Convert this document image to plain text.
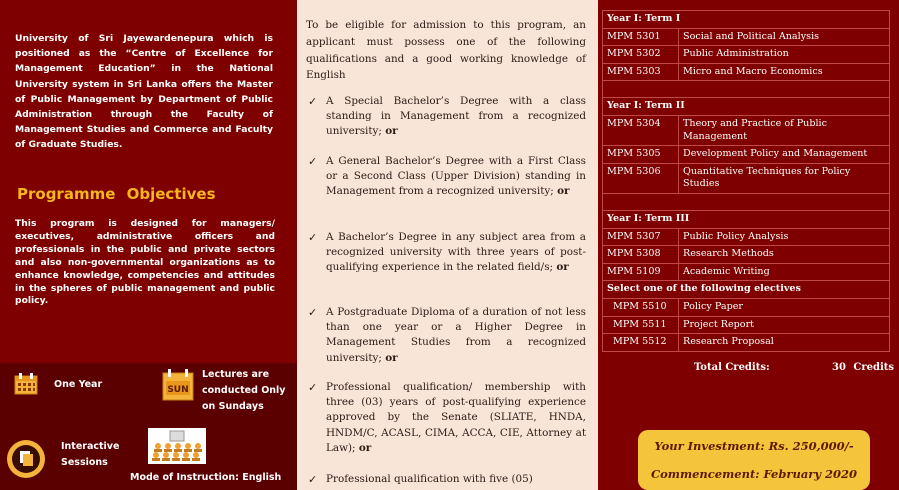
University of Sri Jayewardenepura which is positioned as the “Centre of Excellence for Management Education” in the National University system in Sri Lanka offers the Master of Public Management by Department of Public Administration through the Faculty of Management Studies and Commerce and Faculty of Graduate Studies.

Programme Objectives

This program is designed for managers/ executives, administrative officers and professionals in the public and private sectors and also non-governmental organizations as to enhance knowledge, competencies and attitudes in the spheres of public management and public policy.

One Year	SUN
Lectures are conducted Only on Sundays
Interactive Sessions
Mode of Instruction: English

To be eligible for admission to this program, an applicant must possess one of the following qualifications and a good working knowledge of English

✓ A Special Bachelor’s Degree with a class standing in Management from a recognized university; or
✓ A General Bachelor’s Degree with a First Class or a Second Class (Upper Division) standing in Management from a recognized university; or
✓ A Bachelor’s Degree in any subject area from a recognized university with three years of post-qualifying experience in the related field/s; or
✓ A Postgraduate Diploma of a duration of not less than one year or a Higher Degree in Management Studies from a recognized university; or
✓ Professional qualification/ membership with three (03) years of post-qualifying experience approved by the Senate (SLIATE, HNDA, HNDM/C, ACASL, CIMA, ACCA, CIE, Attorney at Law); or
✓ Professional qualification with five (05)
Year I: Term I	
MPM 5301	Social and Political Analysis
MPM 5302	Public Administration
MPM 5303	Micro and Macro Economics

Year I: Term II	
MPM 5304	Theory and Practice of Public Management
MPM 5305	Development Policy and Management
MPM 5306	Quantitative Techniques for Policy Studies

Year I: Term III	
MPM 5307	Public Policy Analysis
MPM 5308	Research Methods
MPM 5109	Academic Writing
Select one of the following electives	
MPM 5510	Policy Paper
MPM 5511	Project Report
MPM 5512	Research Proposal
Total Credits:	30 Credits
Your Investment: Rs. 250,000/-
Commencement: February 2020
